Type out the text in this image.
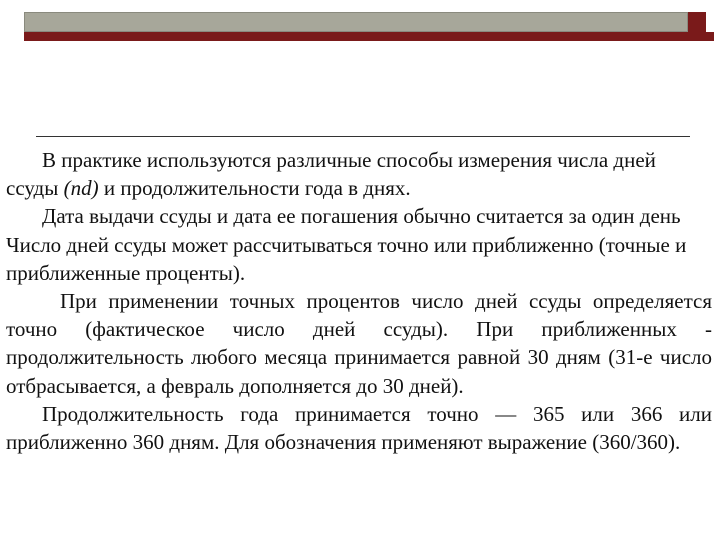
В практике используются различные способы измерения числа дней ссуды (nd) и продолжительности года в днях.

Дата выдачи ссуды и дата ее погашения обычно считается за один день Число дней ссуды может рассчитываться точно или приближенно (точные и приближенные проценты).

При применении точных процентов число дней ссуды определяется точно (фактическое число дней ссуды). При приближенных - продолжительность любого месяца принимается равной 30 дням (31-е число отбрасывается, а февраль дополняется до 30 дней).

Продолжительность года принимается точно — 365 или 366 или приближенно 360 дням. Для обозначения применяют выражение (360/360).
